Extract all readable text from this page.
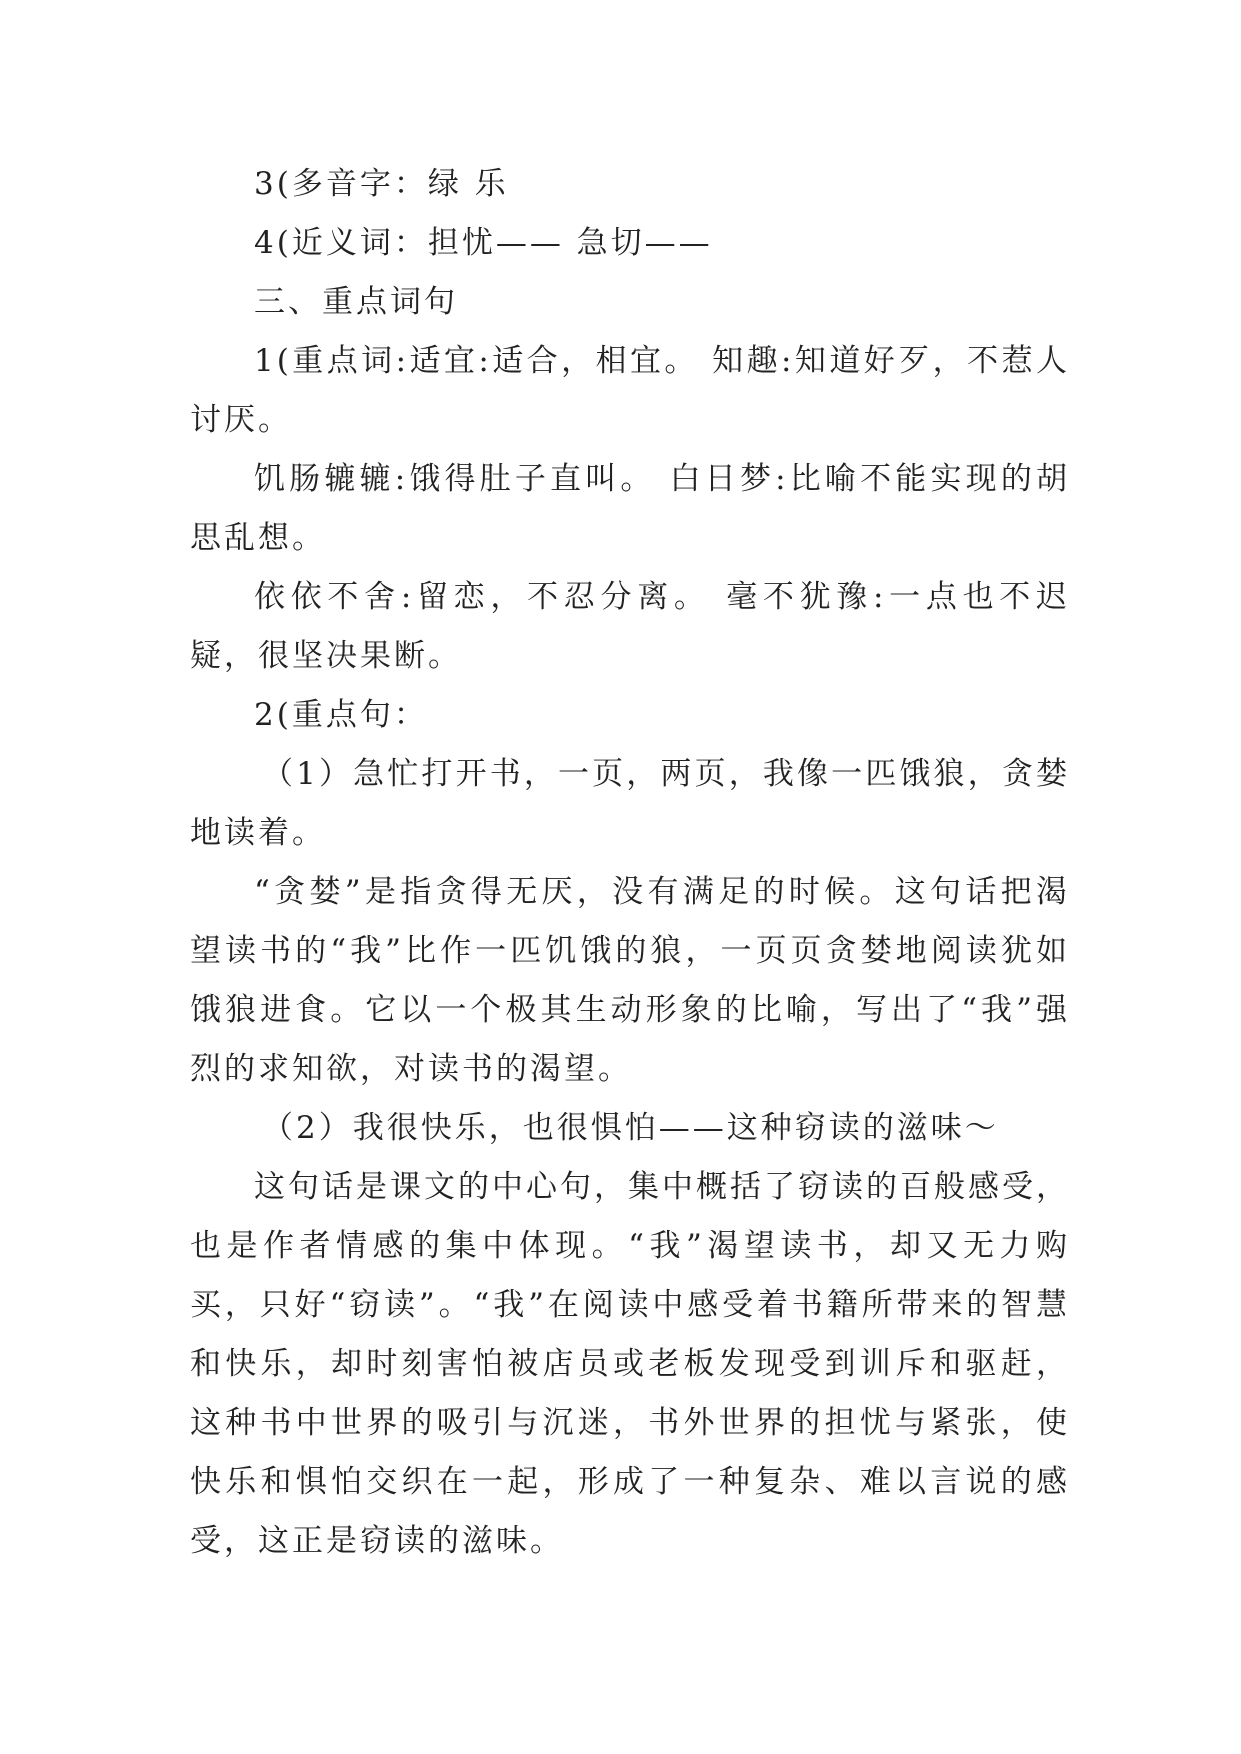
3(多音字：绿 乐

4(近义词：担忧—— 急切——

三、重点词句

1(重点词:适宜:适合，相宜。 知趣:知道好歹，不惹人讨厌。

饥肠辘辘:饿得肚子直叫。 白日梦:比喻不能实现的胡思乱想。

依依不舍:留恋，不忍分离。 毫不犹豫:一点也不迟疑，很坚决果断。

2(重点句：

（1）急忙打开书，一页，两页，我像一匹饿狼，贪婪地读着。

“贪婪”是指贪得无厌，没有满足的时候。这句话把渴望读书的“我”比作一匹饥饿的狼，一页页贪婪地阅读犹如饿狼进食。它以一个极其生动形象的比喻，写出了“我”强烈的求知欲，对读书的渴望。

（2）我很快乐，也很惧怕——这种窃读的滋味～

这句话是课文的中心句，集中概括了窃读的百般感受，也是作者情感的集中体现。“我”渴望读书，却又无力购买，只好“窃读”。“我”在阅读中感受着书籍所带来的智慧和快乐，却时刻害怕被店员或老板发现受到训斥和驱赶，这种书中世界的吸引与沉迷，书外世界的担忧与紧张，使快乐和惧怕交织在一起，形成了一种复杂、难以言说的感受，这正是窃读的滋味。
